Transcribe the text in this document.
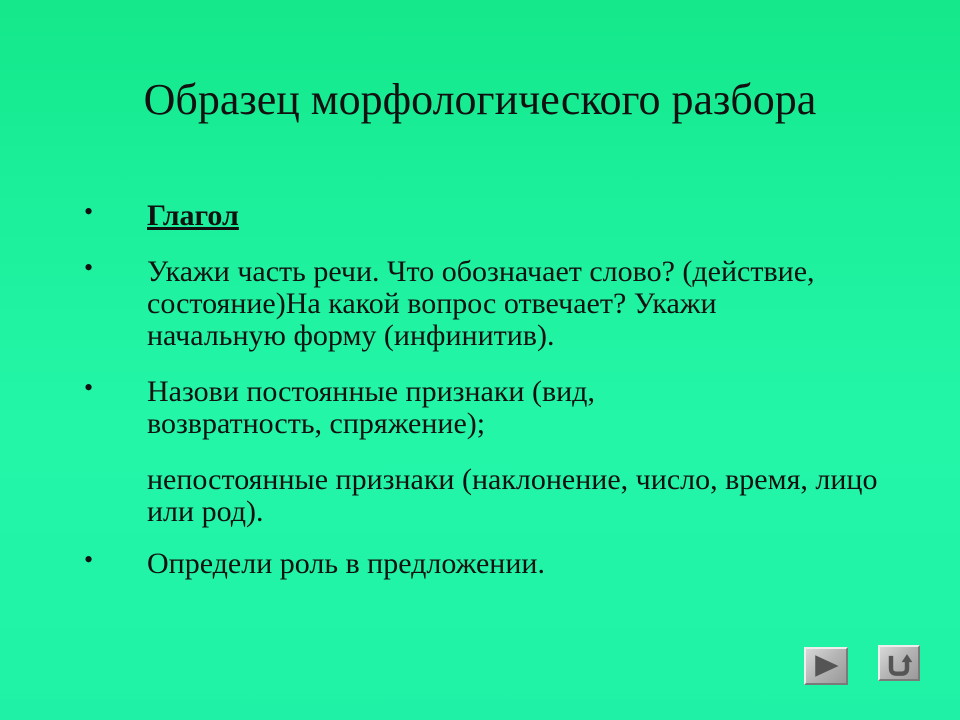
Образец морфологического разбора
• Глагол
• Укажи часть речи. Что обозначает слово? (действие, состояние)На какой вопрос отвечает? Укажи начальную форму (инфинитив).
• Назови постоянные признаки (вид, возвратность, спряжение);
непостоянные признаки (наклонение, число, время, лицо или род).
• Определи роль в предложении.
